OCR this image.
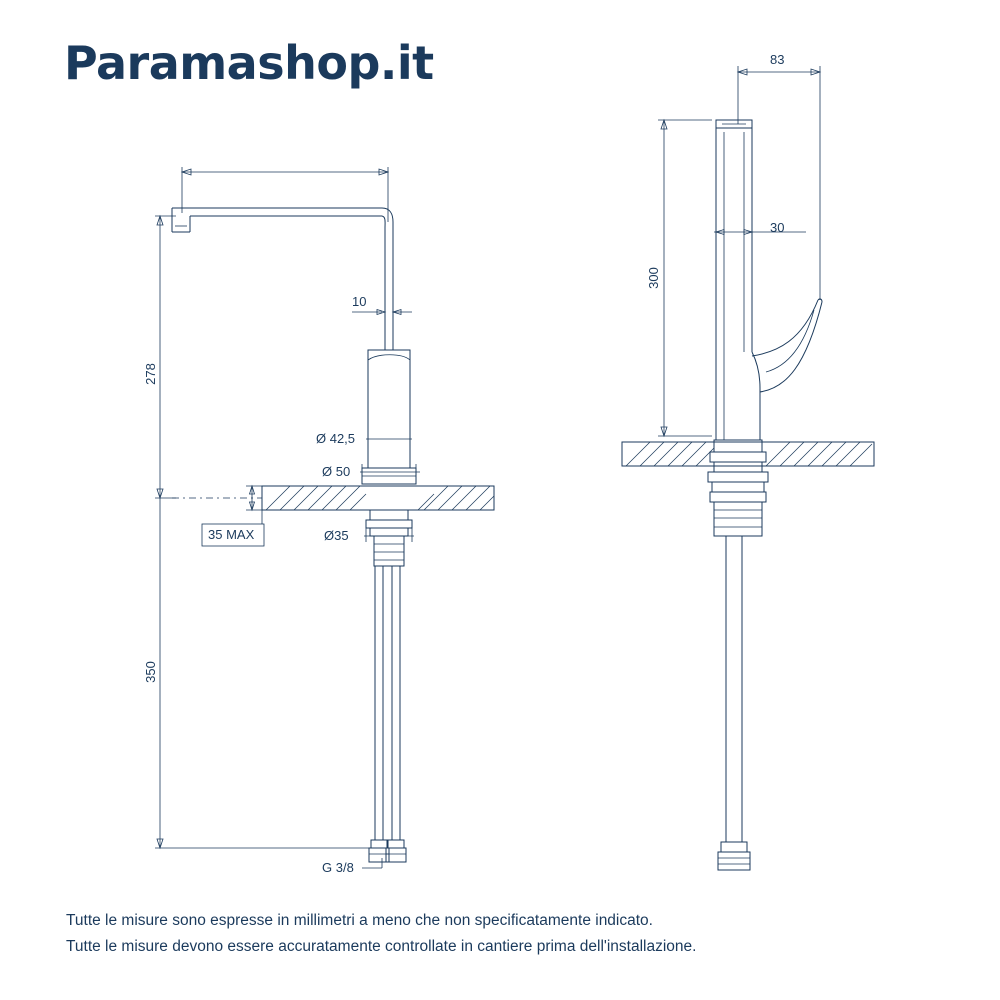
Paramashop.it
10
G 3/8
278
350
Ø 42,5
Ø 50
Ø35
35 MAX
83
300
30
Tutte le misure sono espresse in millimetri a meno che non specificatamente indicato.
Tutte le misure devono essere accuratamente controllate in cantiere prima dell'installazione.
